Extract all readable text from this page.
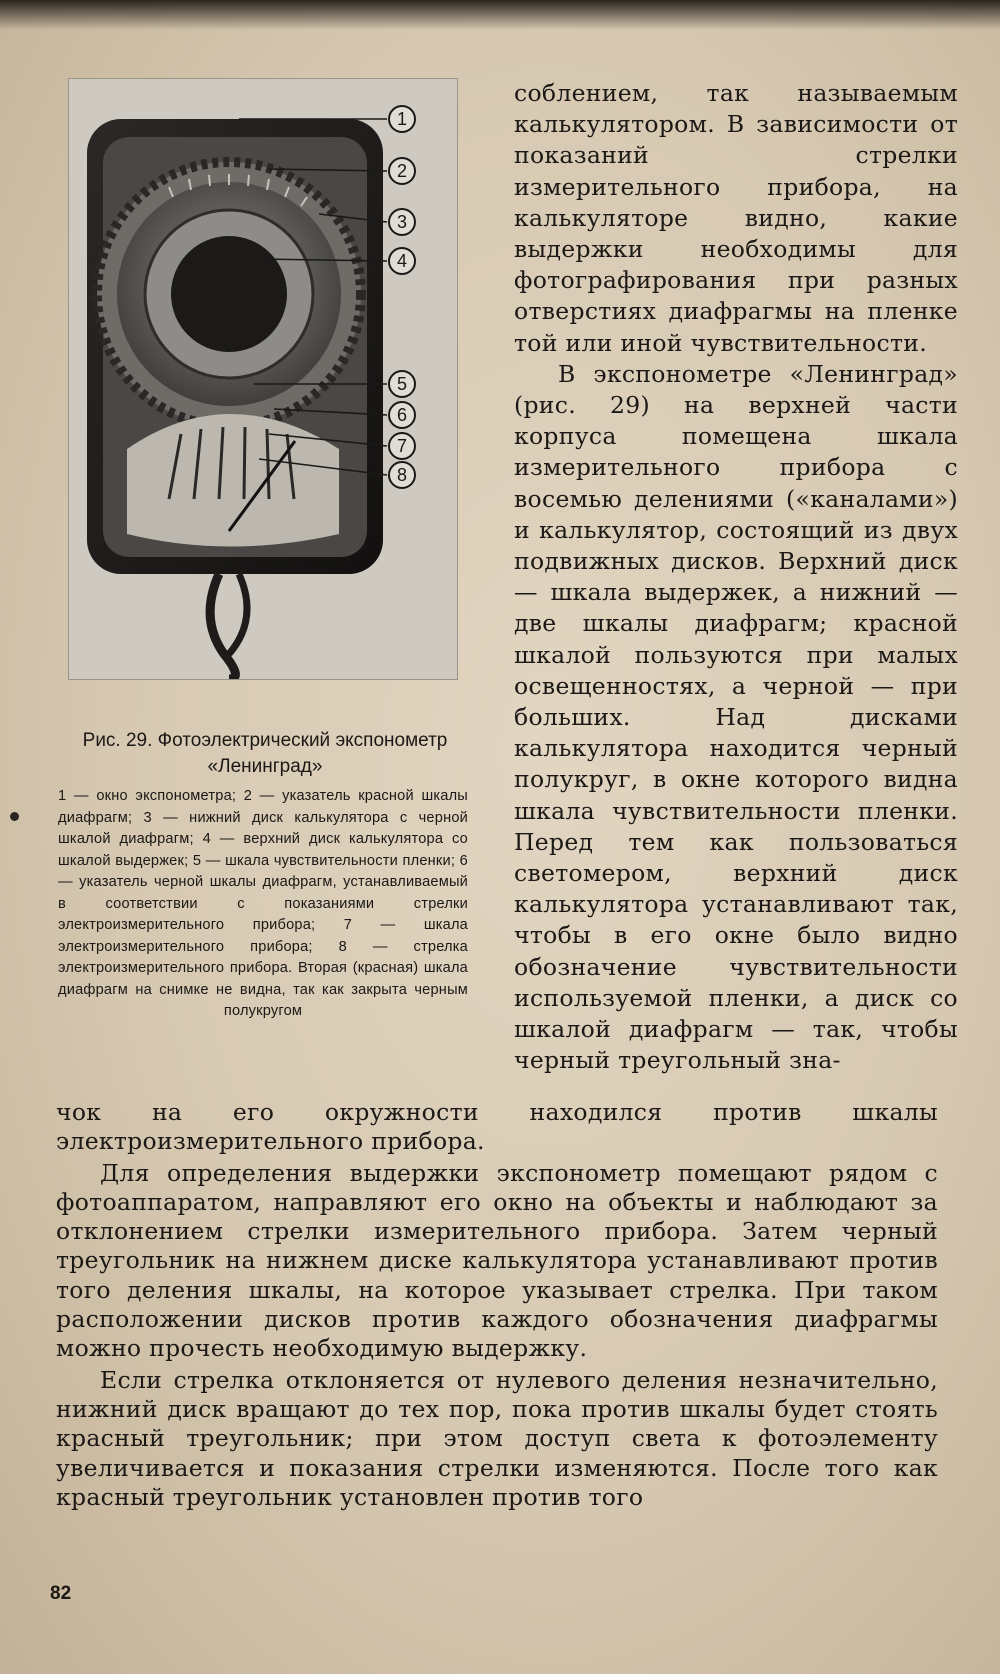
1
2
3
4
5
6
7
8
Рис. 29. Фотоэлектрический экспонометр «Ленинград»
1 — окно экспонометра; 2 — указатель красной шкалы диафрагм; 3 — нижний диск калькулятора с черной шкалой диафрагм; 4 — верхний диск калькулятора со шкалой выдержек; 5 — шкала чувствительности пленки; 6 — указатель черной шкалы диафрагм, устанавливаемый в соответствии с показаниями стрелки электроизмерительного прибора; 7 — шкала электроизмерительного прибора; 8 — стрелка электроизмерительного прибора. Вторая (красная) шкала диафрагм на снимке не видна, так как закрыта черным полукругом

соблением, так называемым калькулятором. В зависимости от показаний стрелки измерительного прибора, на калькуляторе видно, какие выдержки необходимы для фотографирования при разных отверстиях диафрагмы на пленке той или иной чувствительности.

В экспонометре «Ленинград» (рис. 29) на верхней части корпуса помещена шкала измерительного прибора с восемью делениями («каналами») и калькулятор, состоящий из двух подвижных дисков. Верхний диск — шкала выдержек, а нижний — две шкалы диафрагм; красной шкалой пользуются при малых освещенностях, а черной — при больших. Над дисками калькулятора находится черный полукруг, в окне которого видна шкала чувствительности пленки. Перед тем как пользоваться светомером, верхний диск калькулятора устанавливают так, чтобы в его окне было видно обозначение чувствительности используемой пленки, а диск со шкалой диафрагм — так, чтобы черный треугольный зна-

чок на его окружности находился против шкалы электроизмерительного прибора.

Для определения выдержки экспонометр помещают рядом с фотоаппаратом, направляют его окно на объекты и наблюдают за отклонением стрелки измерительного прибора. Затем черный треугольник на нижнем диске калькулятора устанавливают против того деления шкалы, на которое указывает стрелка. При таком расположении дисков против каждого обозначения диафрагмы можно прочесть необходимую выдержку.

Если стрелка отклоняется от нулевого деления незначительно, нижний диск вращают до тех пор, пока против шкалы будет стоять красный треугольник; при этом доступ света к фотоэлементу увеличивается и показания стрелки изменяются. После того как красный треугольник установлен против того

82
